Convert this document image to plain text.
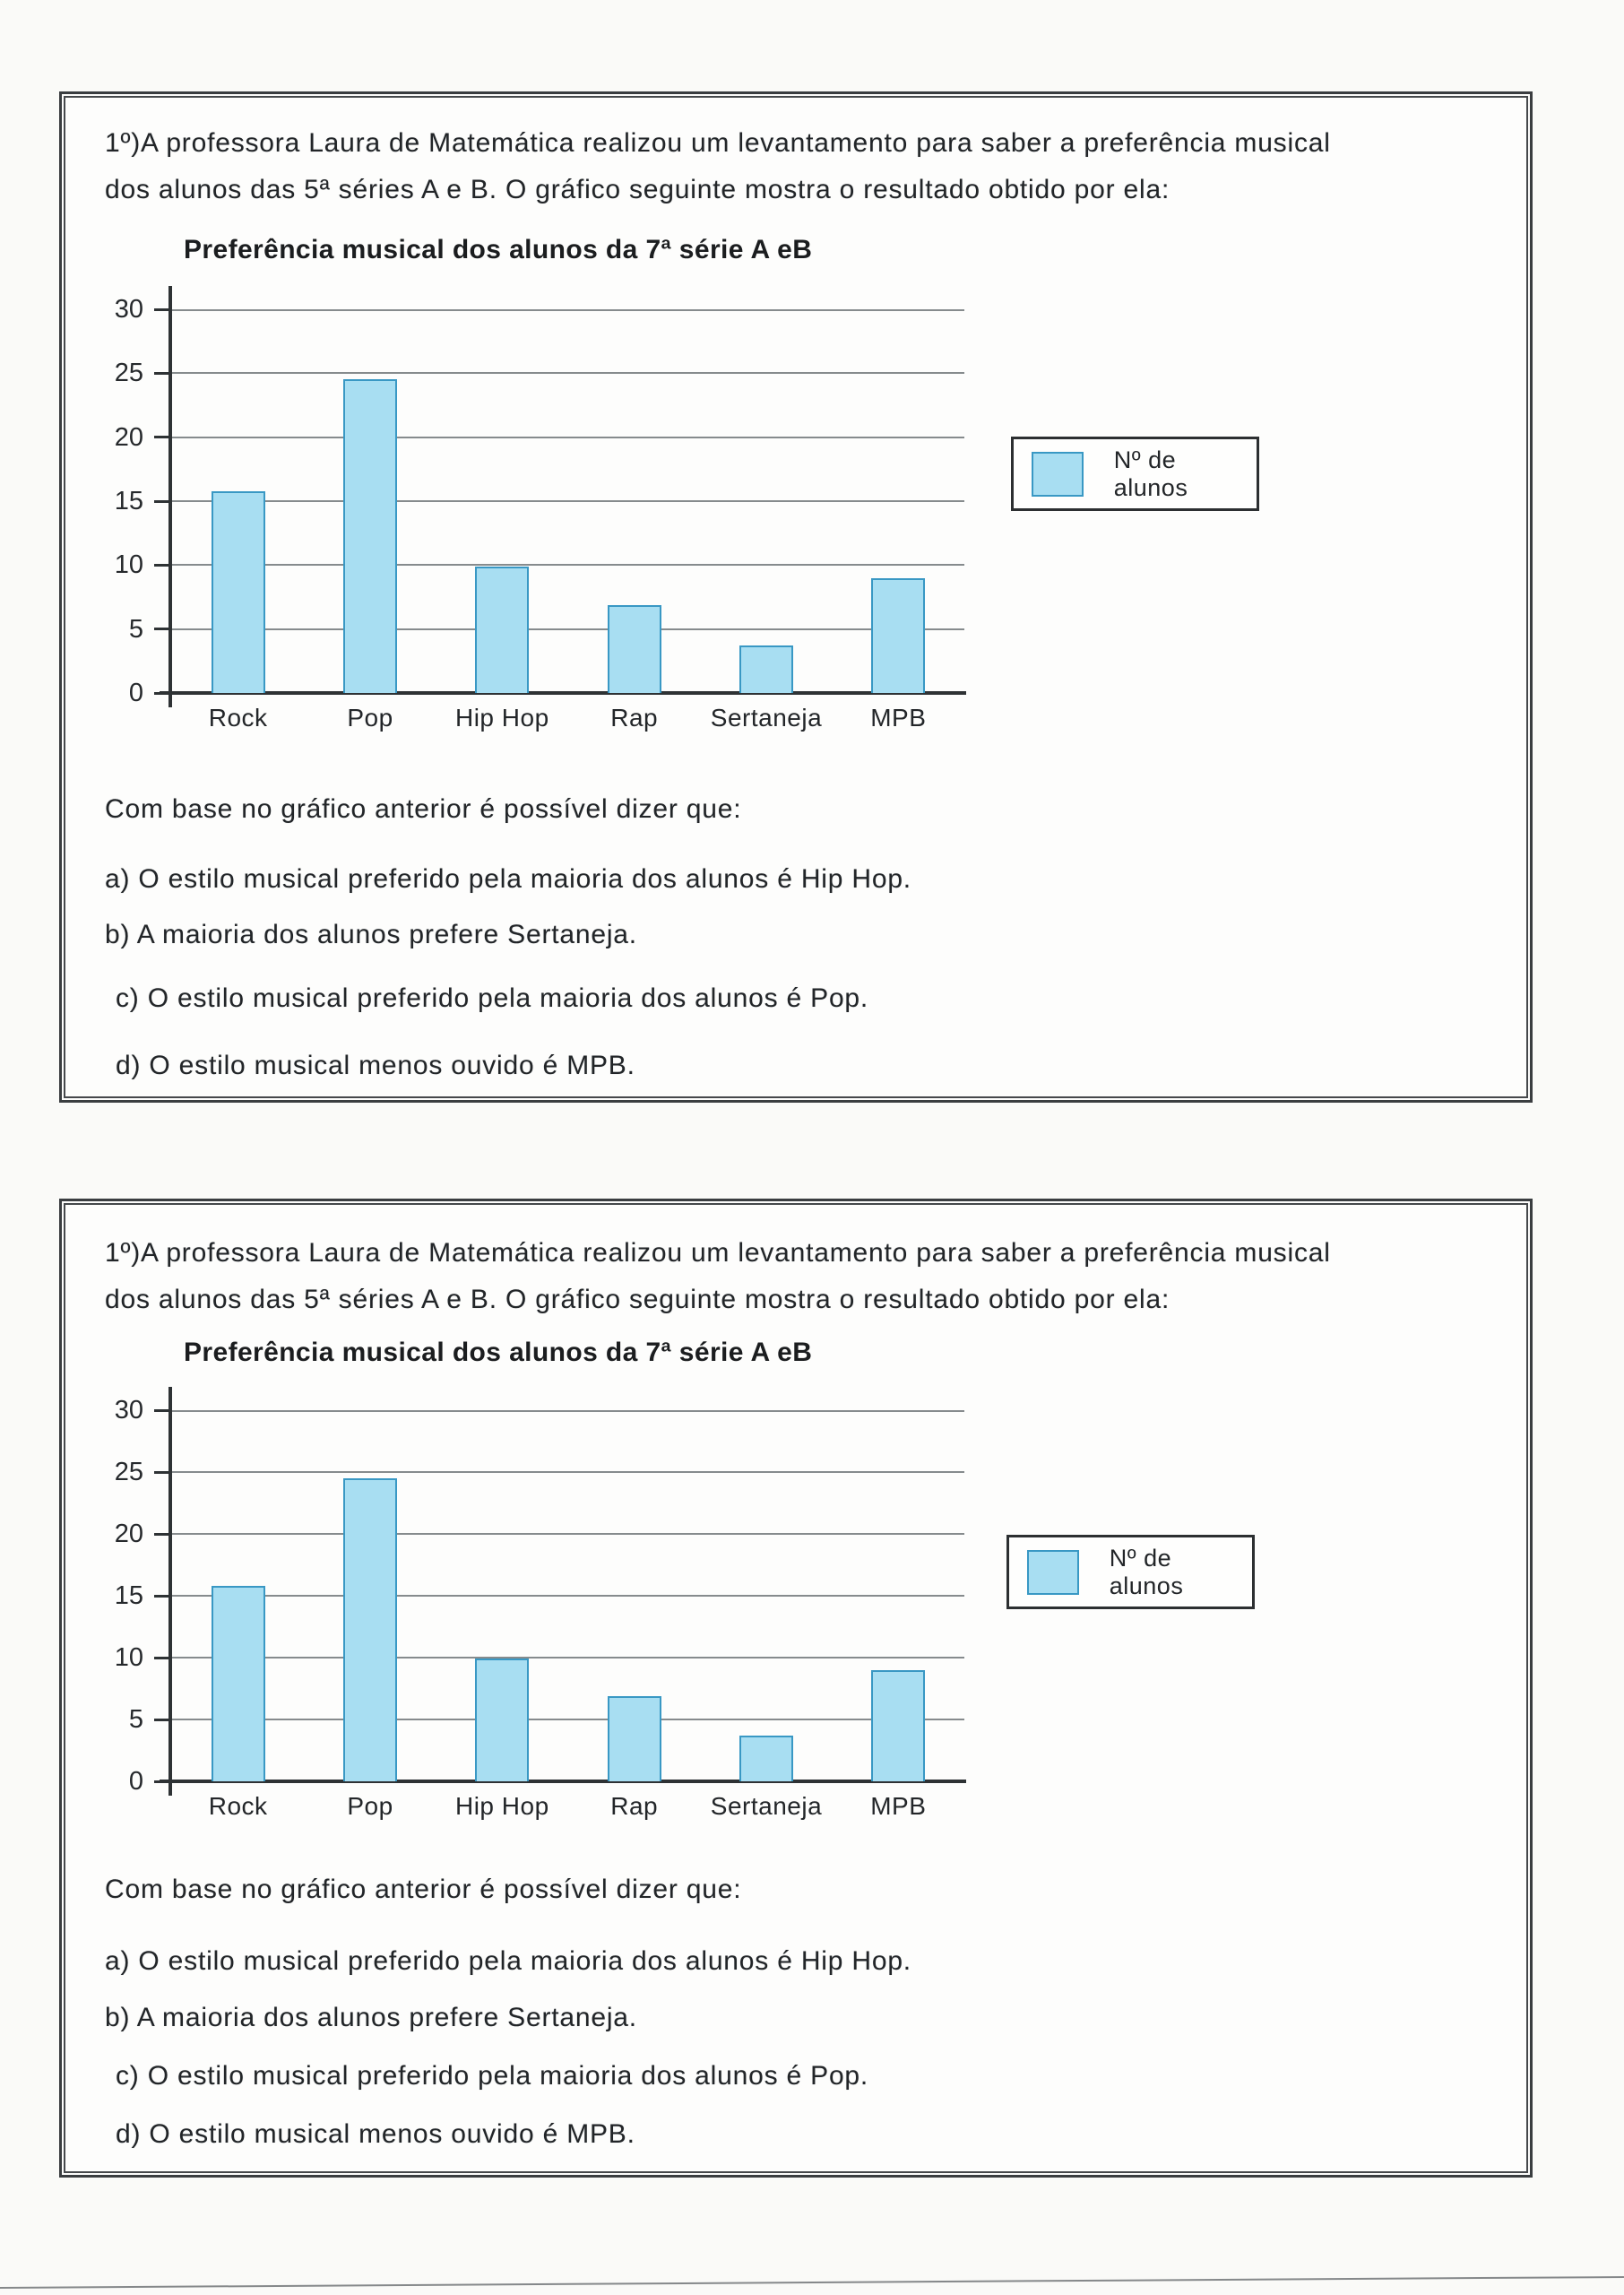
1º)A professora Laura de Matemática realizou um levantamento para saber a preferência musical
dos alunos das 5ª séries A e B. O gráfico seguinte mostra o resultado obtido por ela:

Preferência musical dos alunos da 7ª série A eB
0
5
10
15
20
25
30
Rock	Pop	Hip Hop	Rap	Sertaneja	MPB
Nº de alunos

Com base no gráfico anterior é possível dizer que:

a) O estilo musical preferido pela maioria dos alunos é Hip Hop.

b) A maioria dos alunos prefere Sertaneja.

c) O estilo musical preferido pela maioria dos alunos é Pop.

d) O estilo musical menos ouvido é MPB.

1º)A professora Laura de Matemática realizou um levantamento para saber a preferência musical
dos alunos das 5ª séries A e B. O gráfico seguinte mostra o resultado obtido por ela:

Preferência musical dos alunos da 7ª série A eB
0
5
10
15
20
25
30
Rock	Pop	Hip Hop	Rap	Sertaneja	MPB
Nº de alunos

Com base no gráfico anterior é possível dizer que:

a) O estilo musical preferido pela maioria dos alunos é Hip Hop.

b) A maioria dos alunos prefere Sertaneja.

c) O estilo musical preferido pela maioria dos alunos é Pop.

d) O estilo musical menos ouvido é MPB.
